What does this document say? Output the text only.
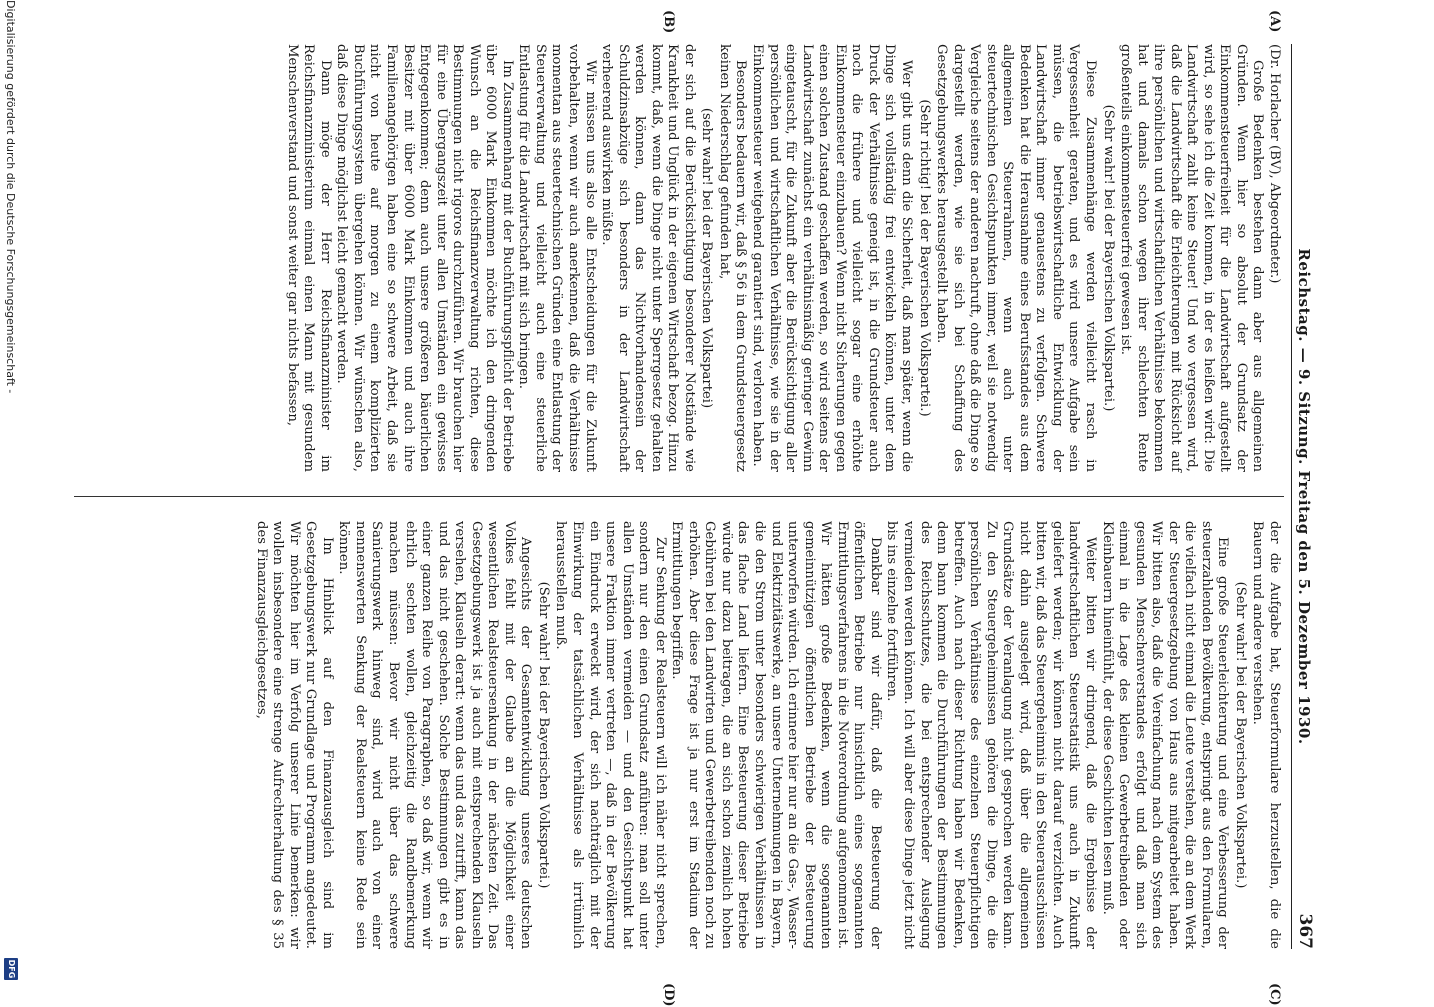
Reichstag. — 9. Sitzung. Freitag den 5. Dezember 1930.
367
(A)
(B)
(C)
(D)

(Dr. Horlacher (BV), Abgeordneter.)

Große Bedenken bestehen dann aber aus allgemeinen Gründen. Wenn hier so absolut der Grundsatz der Einkommensteuerfreiheit für die Landwirtschaft aufgestellt wird, so sehe ich die Zeit kommen, in der es heißen wird: Die Landwirtschaft zahlt keine Steuer! Und wo vergessen wird, daß die Landwirtschaft die Erleichterungen mit Rücksicht auf ihre persönlichen und wirtschaftlichen Verhältnisse bekommen hat und damals schon wegen ihrer schlechten Rente großenteils einkommensteuerfrei gewesen ist.

(Sehr wahr! bei der Bayerischen Volkspartei.)

Diese Zusammenhänge werden vielleicht rasch in Vergessenheit geraten, und es wird unsere Aufgabe sein müssen, die betriebswirtschaftliche Entwicklung der Landwirtschaft immer genauestens zu verfolgen. Schwere Bedenken hat die Herausnahme eines Berufsstandes aus dem allgemeinen Steuerrahmen, wenn auch unter steuertechnischen Gesichtspunkten immer, weil sie notwendig Vergleiche seitens der anderen nachruft, ohne daß die Dinge so dargestellt werden, wie sie sich bei Schaffung des Gesetzgebungswerkes herausgestellt haben.

(Sehr richtig! bei der Bayerischen Volkspartei.)

Wer gibt uns denn die Sicherheit, daß man später, wenn die Dinge sich vollständig frei entwickeln können, unter dem Druck der Verhältnisse geneigt ist, in die Grundsteuer auch noch die frühere und vielleicht sogar eine erhöhte Einkommensteuer einzubauen? Wenn nicht Sicherungen gegen einen solchen Zustand geschaffen werden, so wird seitens der Landwirtschaft zunächst ein verhältnismäßig geringer Gewinn eingetauscht, für die Zukunft aber die Berücksichtigung aller persönlichen und wirtschaftlichen Verhältnisse, wie sie in der Einkommensteuer weitgehend garantiert sind, verloren haben.

Besonders bedauern wir, daß § 56 in dem Grundsteuergesetz keinen Niederschlag gefunden hat,

(sehr wahr! bei der Bayerischen Volkspartei)

der sich auf die Berücksichtigung besonderer Notstände wie Krankheit und Unglück in der eigenen Wirtschaft bezog. Hinzu kommt, daß, wenn die Dinge nicht unter Sperrgesetz gehalten werden können, dann das Nichtvorhandensein der Schuldzinsabzüge sich besonders in der Landwirtschaft verheerend auswirken müßte.

Wir müssen uns also alle Entscheidungen für die Zukunft vorbehalten, wenn wir auch anerkennen, daß die Verhältnisse momentan aus steuertechnischen Gründen eine Entlastung der Steuerverwaltung und vielleicht auch eine steuerliche Entlastung für die Landwirtschaft mit sich bringen.

Im Zusammenhang mit der Buchführungspflicht der Betriebe über 6000 Mark Einkommen möchte ich den dringenden Wunsch an die Reichsfinanzverwaltung richten, diese Bestimmungen nicht rigoros durchzuführen. Wir brauchen hier für eine Übergangszeit unter allen Umständen ein gewisses Entgegenkommen; denn auch unsere größeren bäuerlichen Besitzer mit über 6000 Mark Einkommen und auch ihre Familienangehörigen haben eine so schwere Arbeit, daß sie nicht von heute auf morgen zu einem komplizierten Buchführungssystem übergehen können. Wir wünschen also, daß diese Dinge möglichst leicht gemacht werden.

Dann möge der Herr Reichsfinanzminister im Reichsfinanzministerium einmal einen Mann mit gesundem Menschenverstand und sonst weiter gar nichts befassen,

der die Aufgabe hat, Steuerformulare herzustellen, die die Bauern und andere verstehen.

(Sehr wahr! bei der Bayerischen Volkspartei.)

Eine große Steuerleichterung und eine Verbesserung der steuerzahlenden Bevölkerung, entspringt aus den Formularen, die vielfach nicht einmal die Leute verstehen, die an dem Werk der Steuergesetzgebung von Haus aus mitgearbeitet haben. Wir bitten also, daß die Vereinfachung nach dem System des gesunden Menschenverstandes erfolgt und daß man sich einmal in die Lage des kleinen Gewerbetreibenden oder Kleinbauern hineinfühlt, der diese Geschichten lesen muß.

Weiter bitten wir dringend, daß die Ergebnisse der landwirtschaftlichen Steuerstatistik uns auch in Zukunft geliefert werden; wir können nicht darauf verzichten. Auch bitten wir, daß das Steuergeheimnis in den Steuerausschüssen nicht dahin ausgelegt wird, daß über die allgemeinen Grundsätze der Veranlagung nicht gesprochen werden kann. Zu den Steuergeheimnissen gehören die Dinge, die die persönlichen Verhältnisse des einzelnen Steuerpflichtigen betreffen. Auch nach dieser Richtung haben wir Bedenken, denn bann kommen die Durchführungen der Bestimmungen des Reichsschutzes, die bei entsprechender Auslegung vermieden werden können. Ich will aber diese Dinge jetzt nicht bis ins einzelne fortführen.

Dankbar sind wir dafür, daß die Besteuerung der öffentlichen Betriebe nur hinsichtlich eines sogenannten Ermittlungsverfahrens in die Notverordnung aufgenommen ist. Wir hätten große Bedenken, wenn die sogenannten gemeinnützigen öffentlichen Betriebe der Besteuerung unterworfen würden. Ich erinnere hier nur an die Gas-, Wasser- und Elektrizitätswerke, an unsere Unternehmungen in Bayern, die den Strom unter besonders schwierigen Verhältnissen in das flache Land liefern. Eine Besteuerung dieser Betriebe würde nur dazu beitragen, die an sich schon ziemlich hohen Gebühren bei den Landwirten und Gewerbetreibenden noch zu erhöhen. Aber diese Frage ist ja nur erst im Stadium der Ermittlungen begriffen.

Zur Senkung der Realsteuern will ich näher nicht sprechen, sondern nur den einen Grundsatz anführen: man soll unter allen Umständen vermeiden — und den Gesichtspunkt hat unsere Fraktion immer vertreten —, daß in der Bevölkerung ein Eindruck erweckt wird, der sich nachträglich mit der Einwirkung der tatsächlichen Verhältnisse als irrtümlich herausstellen muß.

(Sehr wahr! bei der Bayerischen Volkspartei.)

Angesichts der Gesamtentwicklung unseres deutschen Volkes fehlt mit der Glaube an die Möglichkeit einer wesentlichen Realsteuersenkung in der nächsten Zeit. Das Gesetzgebungswerk ist ja auch mit entsprechenden Klauseln versehen, Klauseln derart: wenn das und das zutrifft, kann das und das nicht geschehen. Solche Bestimmungen gibt es in einer ganzen Reihe von Paragraphen, so daß wir, wenn wir ehrlich sechten wollen, gleichzeitig die Randbemerkung machen müssen: Bevor wir nicht über das schwere Sanierungswerk hinweg sind, wird auch von einer nennenswerten Senkung der Realsteuern keine Rede sein können.

Im Hinblick auf den Finanzausgleich sind im Gesetzgebungswerk nur Grundlage und Programm angedeutet. Wir möchten hier im Verfolg unserer Linie bemerken: wir wollen insbesondere eine strenge Aufrechterhaltung des § 35 des Finanzausgleichgesetzes,

Digitalisierung gefördert durch die Deutsche Forschungsgemeinschaft -
DFG
